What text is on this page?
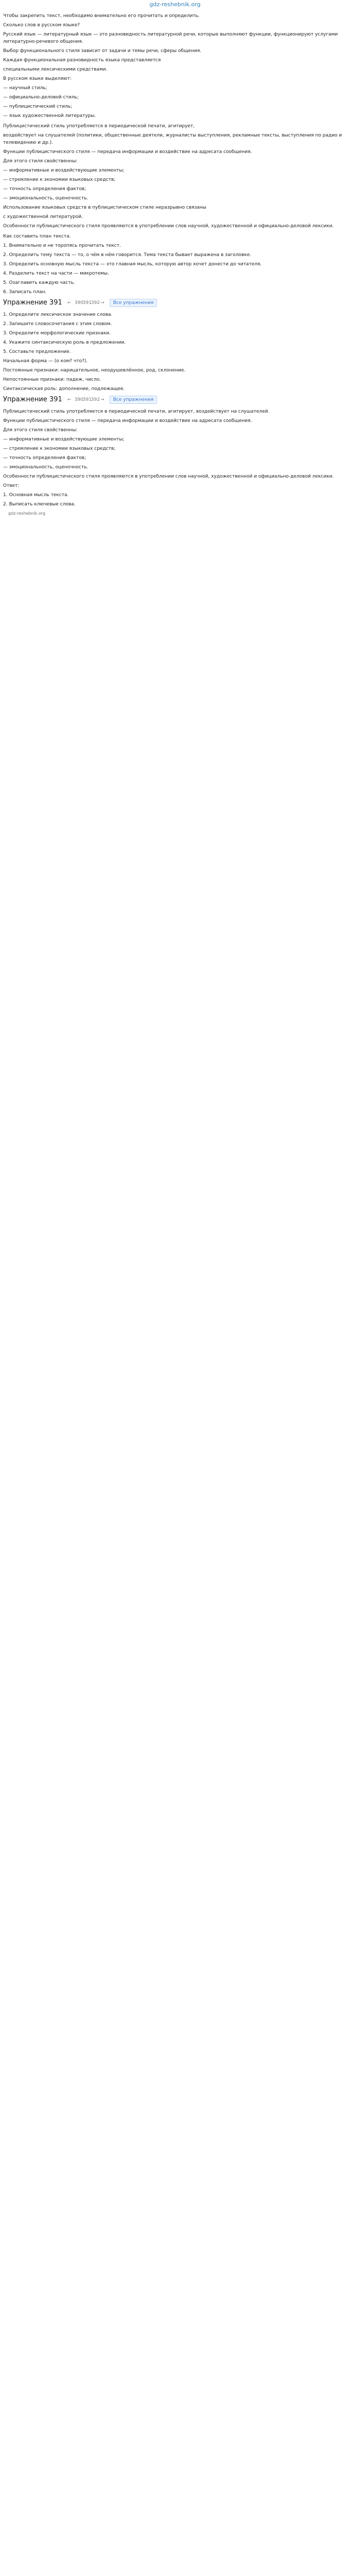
gdz-reshebnik.org

Чтобы закрепить текст, необходимо внимательно его прочитать и определить.

Сколько слов в русском языке?

Русский язык — литературный язык — это разновидность литературной речи, которые выполняют функции, функционируют услугами литературно-речевого общения.

Выбор функционального стиля зависит от задачи и темы речи, сферы общения.

Каждая функциональная разновидность языка представляется

специальными лексическими средствами.

В русском языке выделяют:

— научный стиль;

— официально-деловой стиль;

— публицистический стиль;

— язык художественной литературы.

Публицистический стиль употребляется в периодической печати, агитирует,

воздействует на слушателей (политики, общественные деятели, журналисты выступления, рекламные тексты, выступления по радио и телевидению и др.).

Функции публицистического стиля — передача информации и воздействие на адресата сообщения.

Для этого стиля свойственны:

— информативные и воздействующие элементы;

— стремление к экономии языковых средств;

— точность определения фактов;

— эмоциональность, оценочность.

Использование языковых средств в публицистическом стиле неразрывно связаны

с художественной литературой.

Особенности публицистического стиля проявляются в употреблении слов научной, художественной и официально-деловой лексики.

Как составить план текста.

1. Внимательно и не торопясь прочитать текст.

2. Определить тему текста — то, о чём в нём говорится. Тема текста бывает выражена в заголовке.

3. Определить основную мысль текста — это главная мысль, которую автор хочет донести до читателя.

4. Разделить текст на части — микротемы.

5. Озаглавить каждую часть.

6. Записать план.

Упражнение 391 ← 390
391
392 →	Все упражнения

1. Определите лексическое значение слова.

2. Запишите словосочетания с этим словом.

3. Определите морфологические признаки.

4. Укажите синтаксическую роль в предложении.

5. Составьте предложение.

Начальная форма — (о ком? что?).

Постоянные признаки: нарицательное, неодушевлённое, род, склонение.

Непостоянные признаки: падеж, число.

Синтаксическая роль: дополнение, подлежащее.

Упражнение 391 ← 390
391
392 →	Все упражнения

Публицистический стиль употребляется в периодической печати, агитирует, воздействует на слушателей.

Функции публицистического стиля — передача информации и воздействие на адресата сообщения.

Для этого стиля свойственны:

— информативные и воздействующие элементы;

— стремление к экономии языковых средств;

— точность определения фактов;

— эмоциональность, оценочность.

Особенности публицистического стиля проявляются в употреблении слов научной, художественной и официально-деловой лексики.

Ответ:

1. Основная мысль текста.

2. Выписать ключевые слова.

gdz-reshebnik.org
